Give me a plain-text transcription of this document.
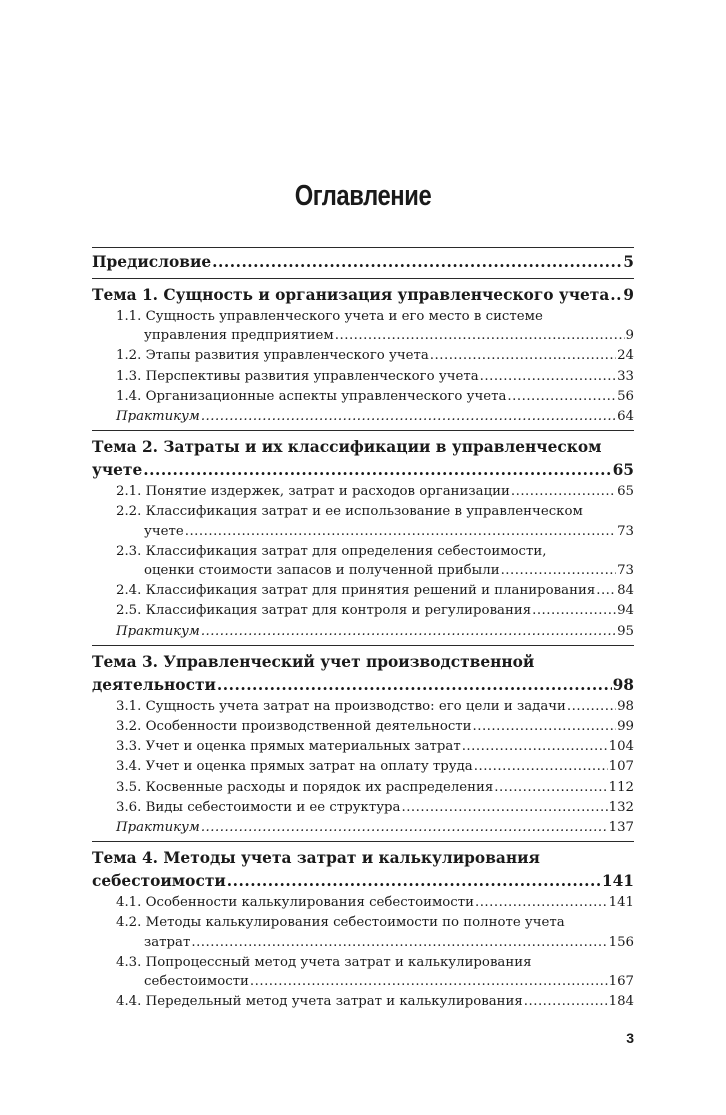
Оглавление
Предисловие .....	5
Тема 1. Сущность и организация управленческого учета ..... 9
1.1. Сущность управленческого учета и его место в системе
управления предприятием .....	9
1.2. Этапы развития управленческого учета .....	24
1.3. Перспективы развития управленческого учета .....	33
1.4. Организационные аспекты управленческого учета .....	56
Практикум .....	64
Тема 2. Затраты и их классификации в управленческом
учете .....	65
2.1. Понятие издержек, затрат и расходов организации .....	65
2.2. Классификация затрат и ее использование в управленческом
учете .....	73
2.3. Классификация затрат для определения себестоимости,
оценки стоимости запасов и полученной прибыли .....	73
2.4. Классификация затрат для принятия решений и планирования ..... 84
2.5. Классификация затрат для контроля и регулирования .....	94
Практикум .....	95
Тема 3. Управленческий учет производственной
деятельности .....	98
3.1. Сущность учета затрат на производство: его цели и задачи .....	98
3.2. Особенности производственной деятельности .....	99
3.3. Учет и оценка прямых материальных затрат .....	104
3.4. Учет и оценка прямых затрат на оплату труда .....	107
3.5. Косвенные расходы и порядок их распределения .....	112
3.6. Виды себестоимости и ее структура .....	132
Практикум .....	137
Тема 4. Методы учета затрат и калькулирования
себестоимости .....	141
4.1. Особенности калькулирования себестоимости .....	141
4.2. Методы калькулирования себестоимости по полноте учета
затрат .....	156
4.3. Попроцессный метод учета затрат и калькулирования
себестоимости .....	167
4.4. Передельный метод учета затрат и калькулирования .....	184
3
